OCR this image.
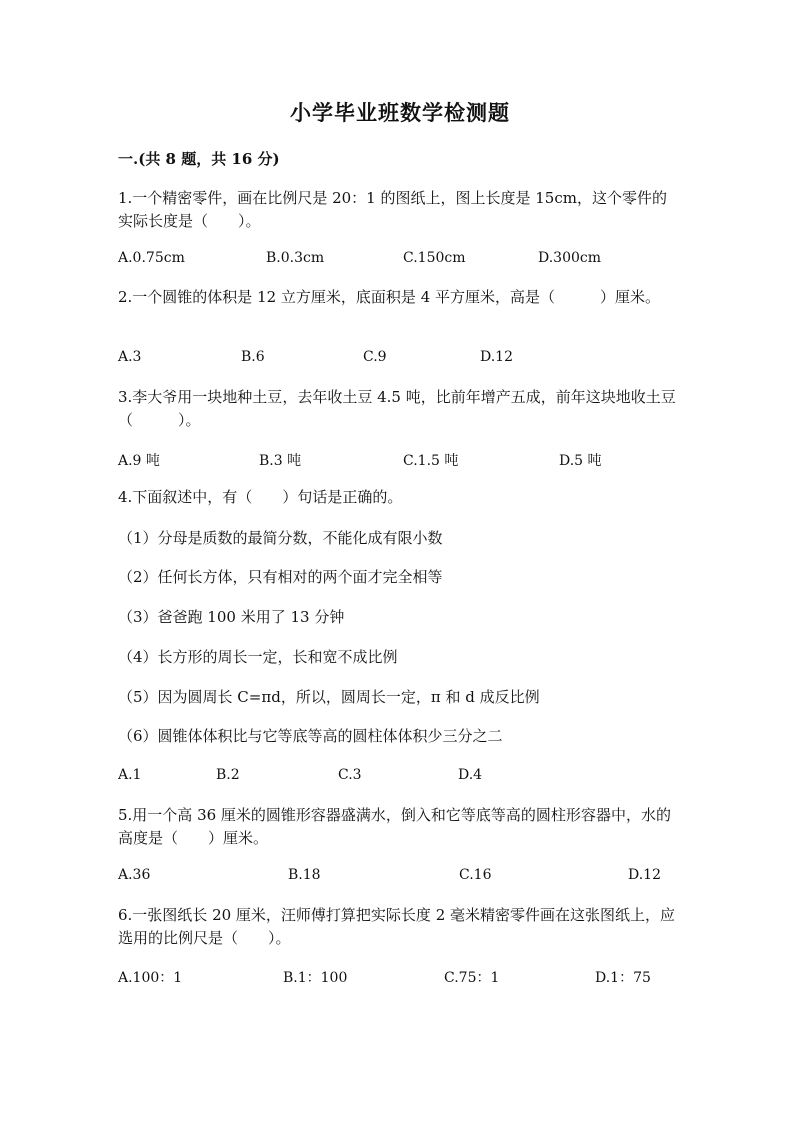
小学毕业班数学检测题
一.(共 8 题，共 16 分)
1.一个精密零件，画在比例尺是 20：1 的图纸上，图上长度是 15cm，这个零件的实际长度是（　　）。
A.0.75cm	B.0.3cm	C.150cm	D.300cm
2.一个圆锥的体积是 12 立方厘米，底面积是 4 平方厘米，高是（　　　）厘米。
A.3	B.6	C.9	D.12
3.李大爷用一块地种土豆，去年收土豆 4.5 吨，比前年增产五成，前年这块地收土豆（　　　）。
A.9 吨	B.3 吨	C.1.5 吨	D.5 吨
4.下面叙述中，有（　　）句话是正确的。
（1）分母是质数的最简分数，不能化成有限小数
（2）任何长方体，只有相对的两个面才完全相等
（3）爸爸跑 100 米用了 13 分钟
（4）长方形的周长一定，长和宽不成比例
（5）因为圆周长 C=πd，所以，圆周长一定，π 和 d 成反比例
（6）圆锥体体积比与它等底等高的圆柱体体积少三分之二
A.1	B.2	C.3	D.4
5.用一个高 36 厘米的圆锥形容器盛满水，倒入和它等底等高的圆柱形容器中，水的高度是（　　）厘米。
A.36	B.18	C.16	D.12
6.一张图纸长 20 厘米，汪师傅打算把实际长度 2 毫米精密零件画在这张图纸上，应选用的比例尺是（　　）。
A.100：1	B.1：100	C.75：1	D.1：75
